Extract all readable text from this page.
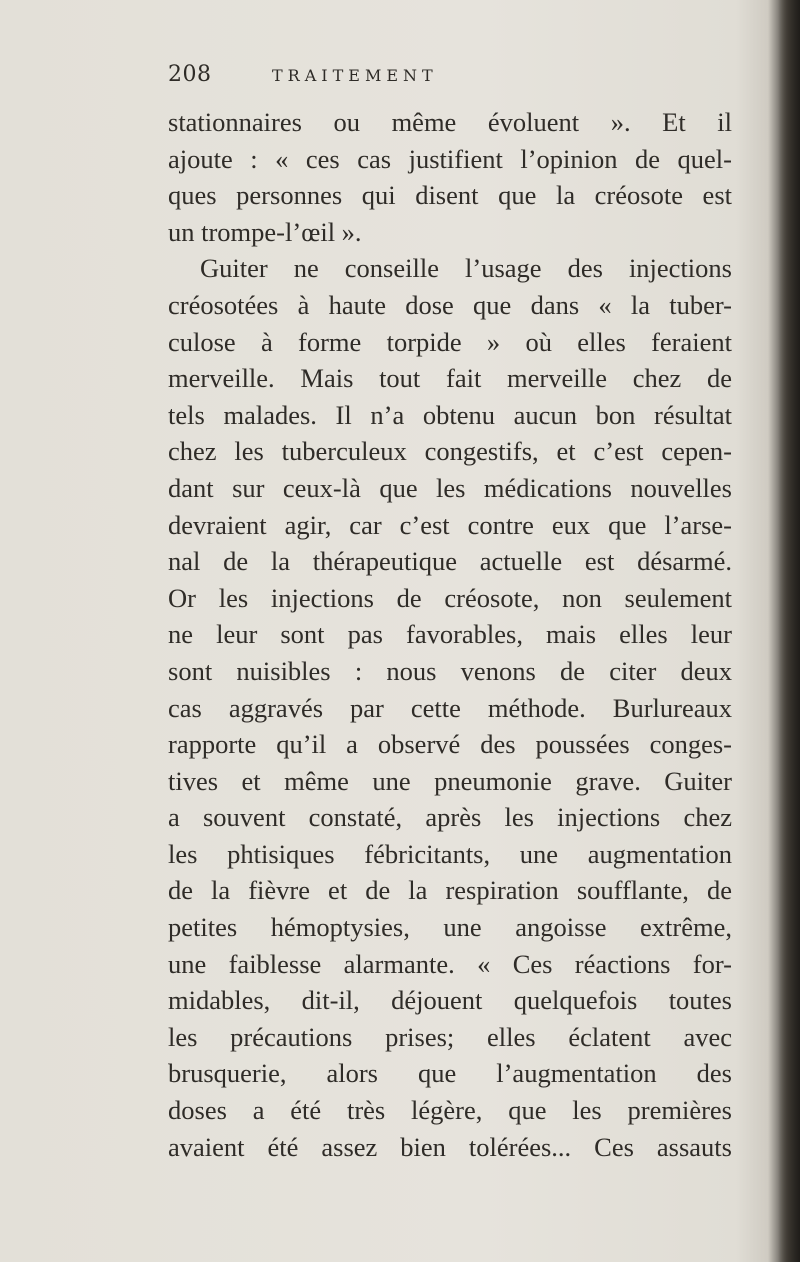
208	TRAITEMENT
stationnaires ou même évoluent ». Et il
ajoute : « ces cas justifient l’opinion de quel-
ques personnes qui disent que la créosote est
un trompe-l’œil ».
Guiter ne conseille l’usage des injections
créosotées à haute dose que dans « la tuber-
culose à forme torpide » où elles feraient
merveille. Mais tout fait merveille chez de
tels malades. Il n’a obtenu aucun bon résultat
chez les tuberculeux congestifs, et c’est cepen-
dant sur ceux-là que les médications nouvelles
devraient agir, car c’est contre eux que l’arse-
nal de la thérapeutique actuelle est désarmé.
Or les injections de créosote, non seulement
ne leur sont pas favorables, mais elles leur
sont nuisibles : nous venons de citer deux
cas aggravés par cette méthode. Burlureaux
rapporte qu’il a observé des poussées conges-
tives et même une pneumonie grave. Guiter
a souvent constaté, après les injections chez
les phtisiques fébricitants, une augmentation
de la fièvre et de la respiration soufflante, de
petites hémoptysies, une angoisse extrême,
une faiblesse alarmante. « Ces réactions for-
midables, dit-il, déjouent quelquefois toutes
les précautions prises; elles éclatent avec
brusquerie, alors que l’augmentation des
doses a été très légère, que les premières
avaient été assez bien tolérées... Ces assauts
